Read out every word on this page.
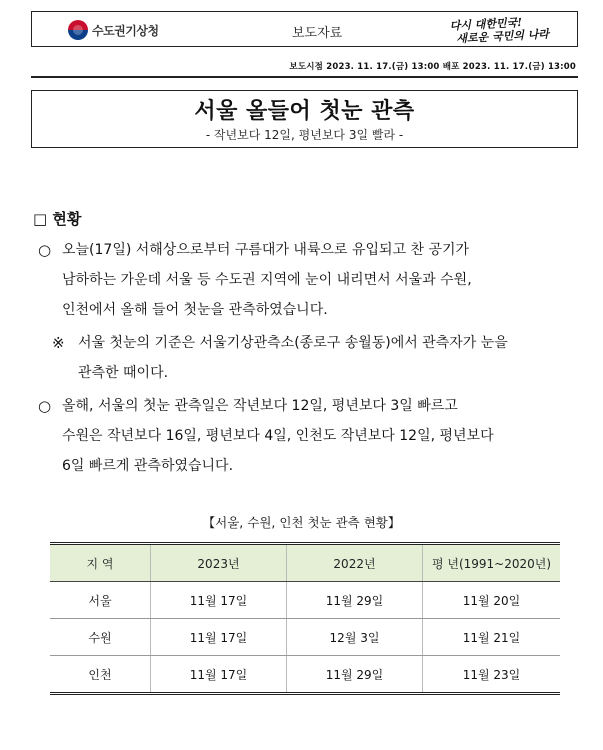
수도권기상청	보도자료
다시 대한민국!
새로운 국민의 나라
보도시점 2023. 11. 17.(금) 13:00 배포 2023. 11. 17.(금) 13:00
서울 올들어 첫눈 관측
- 작년보다 12일, 평년보다 3일 빨라 -
□ 현황
○ 오늘(17일) 서해상으로부터 구름대가 내륙으로 유입되고 찬 공기가
남하하는 가운데 서울 등 수도권 지역에 눈이 내리면서 서울과 수원,
인천에서 올해 들어 첫눈을 관측하였습니다.
※ 서울 첫눈의 기준은 서울기상관측소(종로구 송월동)에서 관측자가 눈을
관측한 때이다.
○ 올해, 서울의 첫눈 관측일은 작년보다 12일, 평년보다 3일 빠르고
수원은 작년보다 16일, 평년보다 4일, 인천도 작년보다 12일, 평년보다
6일 빠르게 관측하였습니다.
【서울, 수원, 인천 첫눈 관측 현황】
지 역	2023년	2022년	평 년(1991~2020년)
서울	11월 17일	11월 29일	11월 20일
수원	11월 17일	12월 3일	11월 21일
인천	11월 17일	11월 29일	11월 23일
